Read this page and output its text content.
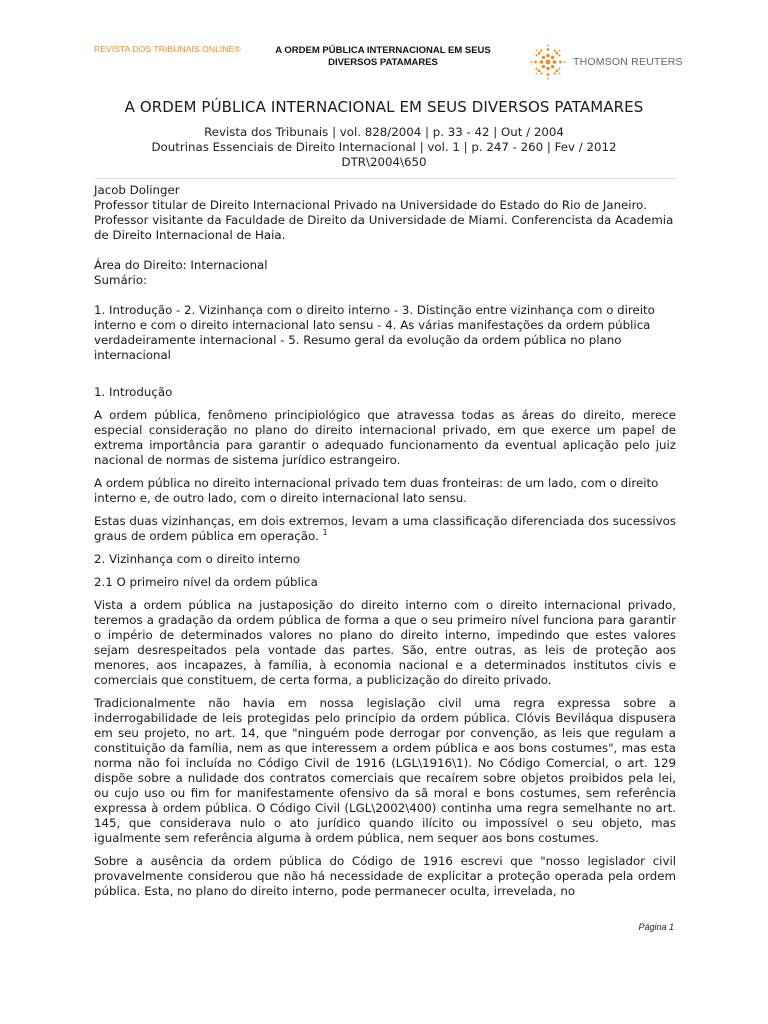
REVISTA DOS TRIBUNAIS ONLINE®	A ORDEM PÚBLICA INTERNACIONAL EM SEUS DIVERSOS PATAMARES	THOMSON REUTERS
A ORDEM PÚBLICA INTERNACIONAL EM SEUS DIVERSOS PATAMARES
Revista dos Tribunais | vol. 828/2004 | p. 33 - 42 | Out / 2004
Doutrinas Essenciais de Direito Internacional | vol. 1 | p. 247 - 260 | Fev / 2012
DTR\2004\650

Jacob Dolinger

Professor titular de Direito Internacional Privado na Universidade do Estado do Rio de Janeiro. Professor visitante da Faculdade de Direito da Universidade de Miami. Conferencista da Academia de Direito Internacional de Haia.

Área do Direito: Internacional

Sumário:

1. Introdução - 2. Vizinhança com o direito interno - 3. Distinção entre vizinhança com o direito interno e com o direito internacional lato sensu - 4. As várias manifestações da ordem pública verdadeiramente internacional - 5. Resumo geral da evolução da ordem pública no plano internacional

1. Introdução

A ordem pública, fenômeno principiológico que atravessa todas as áreas do direito, merece especial consideração no plano do direito internacional privado, em que exerce um papel de extrema importância para garantir o adequado funcionamento da eventual aplicação pelo juiz nacional de normas de sistema jurídico estrangeiro.

A ordem pública no direito internacional privado tem duas fronteiras: de um lado, com o direito interno e, de outro lado, com o direito internacional lato sensu.

Estas duas vizinhanças, em dois extremos, levam a uma classificação diferenciada dos sucessivos graus de ordem pública em operação. $^1$

2. Vizinhança com o direito interno

2.1 O primeiro nível da ordem pública

Vista a ordem pública na justaposição do direito interno com o direito internacional privado, teremos a gradação da ordem pública de forma a que o seu primeiro nível funciona para garantir o império de determinados valores no plano do direito interno, impedindo que estes valores sejam desrespeitados pela vontade das partes. São, entre outras, as leis de proteção aos menores, aos incapazes, à família, à economia nacional e a determinados institutos civis e comerciais que constituem, de certa forma, a publicização do direito privado.

Tradicionalmente não havia em nossa legislação civil uma regra expressa sobre a inderrogabilidade de leis protegidas pelo princípio da ordem pública. Clóvis Beviláqua dispusera em seu projeto, no art. 14, que "ninguém pode derrogar por convenção, as leis que regulam a constituição da família, nem as que interessem a ordem pública e aos bons costumes", mas esta norma não foi incluída no Código Civil de 1916 (LGL\1916\1). No Código Comercial, o art. 129 dispõe sobre a nulidade dos contratos comerciais que recaírem sobre objetos proibidos pela lei, ou cujo uso ou fim for manifestamente ofensivo da sã moral e bons costumes, sem referência expressa à ordem pública. O Código Civil (LGL\2002\400) continha uma regra semelhante no art. 145, que considerava nulo o ato jurídico quando ilícito ou impossível o seu objeto, mas igualmente sem referência alguma à ordem pública, nem sequer aos bons costumes.

Sobre a ausência da ordem pública do Código de 1916 escrevi que "nosso legislador civil provavelmente considerou que não há necessidade de explicitar a proteção operada pela ordem pública. Esta, no plano do direito interno, pode permanecer oculta, irrevelada, no

Página 1
